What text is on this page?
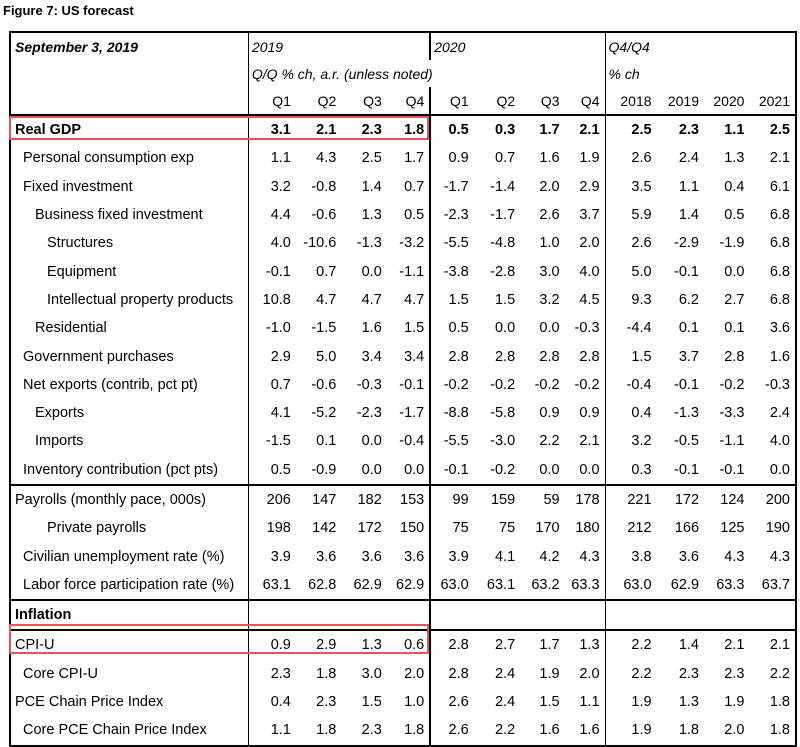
Figure 7: US forecast
September 3, 2019	2019				2020				Q4/Q4			
	Q/Q % ch, a.r. (unless noted)								% ch			
	Q1	Q2	Q3	Q4	Q1	Q2	Q3	Q4	2018	2019	2020	2021
Real GDP	3.1	2.1	2.3	1.8	0.5	0.3	1.7	2.1	2.5	2.3	1.1	2.5
Personal consumption exp	1.1	4.3	2.5	1.7	0.9	0.7	1.6	1.9	2.6	2.4	1.3	2.1
Fixed investment	3.2	-0.8	1.4	0.7	-1.7	-1.4	2.0	2.9	3.5	1.1	0.4	6.1
Business fixed investment	4.4	-0.6	1.3	0.5	-2.3	-1.7	2.6	3.7	5.9	1.4	0.5	6.8
Structures	4.0	-10.6	-1.3	-3.2	-5.5	-4.8	1.0	2.0	2.6	-2.9	-1.9	6.8
Equipment	-0.1	0.7	0.0	-1.1	-3.8	-2.8	3.0	4.0	5.0	-0.1	0.0	6.8
Intellectual property products	10.8	4.7	4.7	4.7	1.5	1.5	3.2	4.5	9.3	6.2	2.7	6.8
Residential	-1.0	-1.5	1.6	1.5	0.5	0.0	0.0	-0.3	-4.4	0.1	0.1	3.6
Government purchases	2.9	5.0	3.4	3.4	2.8	2.8	2.8	2.8	1.5	3.7	2.8	1.6
Net exports (contrib, pct pt)	0.7	-0.6	-0.3	-0.1	-0.2	-0.2	-0.2	-0.2	-0.4	-0.1	-0.2	-0.3
Exports	4.1	-5.2	-2.3	-1.7	-8.8	-5.8	0.9	0.9	0.4	-1.3	-3.3	2.4
Imports	-1.5	0.1	0.0	-0.4	-5.5	-3.0	2.2	2.1	3.2	-0.5	-1.1	4.0
Inventory contribution (pct pts)	0.5	-0.9	0.0	0.0	-0.1	-0.2	0.0	0.0	0.3	-0.1	-0.1	0.0
Payrolls (monthly pace, 000s)	206	147	182	153	99	159	59	178	221	172	124	200
Private payrolls	198	142	172	150	75	75	170	180	212	166	125	190
Civilian unemployment rate (%)	3.9	3.6	3.6	3.6	3.9	4.1	4.2	4.3	3.8	3.6	4.3	4.3
Labor force participation rate (%)	63.1	62.8	62.9	62.9	63.0	63.1	63.2	63.3	63.0	62.9	63.3	63.7
Inflation												
CPI-U	0.9	2.9	1.3	0.6	2.8	2.7	1.7	1.3	2.2	1.4	2.1	2.1
Core CPI-U	2.3	1.8	3.0	2.0	2.8	2.4	1.9	2.0	2.2	2.3	2.3	2.2
PCE Chain Price Index	0.4	2.3	1.5	1.0	2.6	2.4	1.5	1.1	1.9	1.3	1.9	1.8
Core PCE Chain Price Index	1.1	1.8	2.3	1.8	2.6	2.2	1.6	1.6	1.9	1.8	2.0	1.8
